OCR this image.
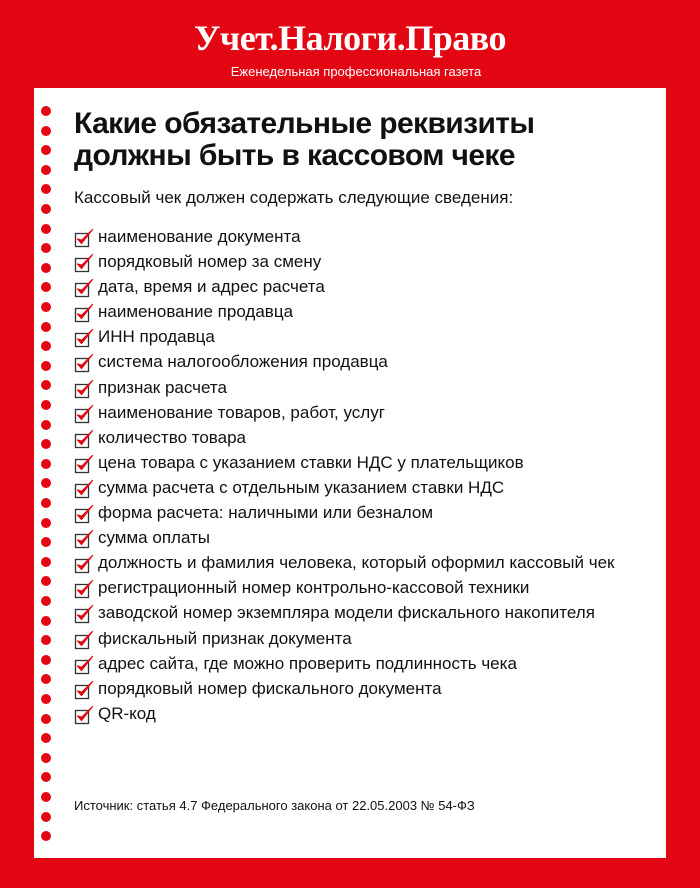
Учет.Налоги.Право
Еженедельная профессиональная газета
Какие обязательные реквизиты
должны быть в кассовом чеке
Кассовый чек должен содержать следующие сведения:
наименование документа
порядковый номер за смену
дата, время и адрес расчета
наименование продавца
ИНН продавца
система налогообложения продавца
признак расчета
наименование товаров, работ, услуг
количество товара
цена товара с указанием ставки НДС у плательщиков
сумма расчета с отдельным указанием ставки НДС
форма расчета: наличными или безналом
сумма оплаты
должность и фамилия человека, который оформил кассовый чек
регистрационный номер контрольно-кассовой техники
заводской номер экземпляра модели фискального накопителя
фискальный признак документа
адрес сайта, где можно проверить подлинность чека
порядковый номер фискального документа
QR-код
Источник: статья 4.7 Федерального закона от 22.05.2003 № 54-ФЗ
